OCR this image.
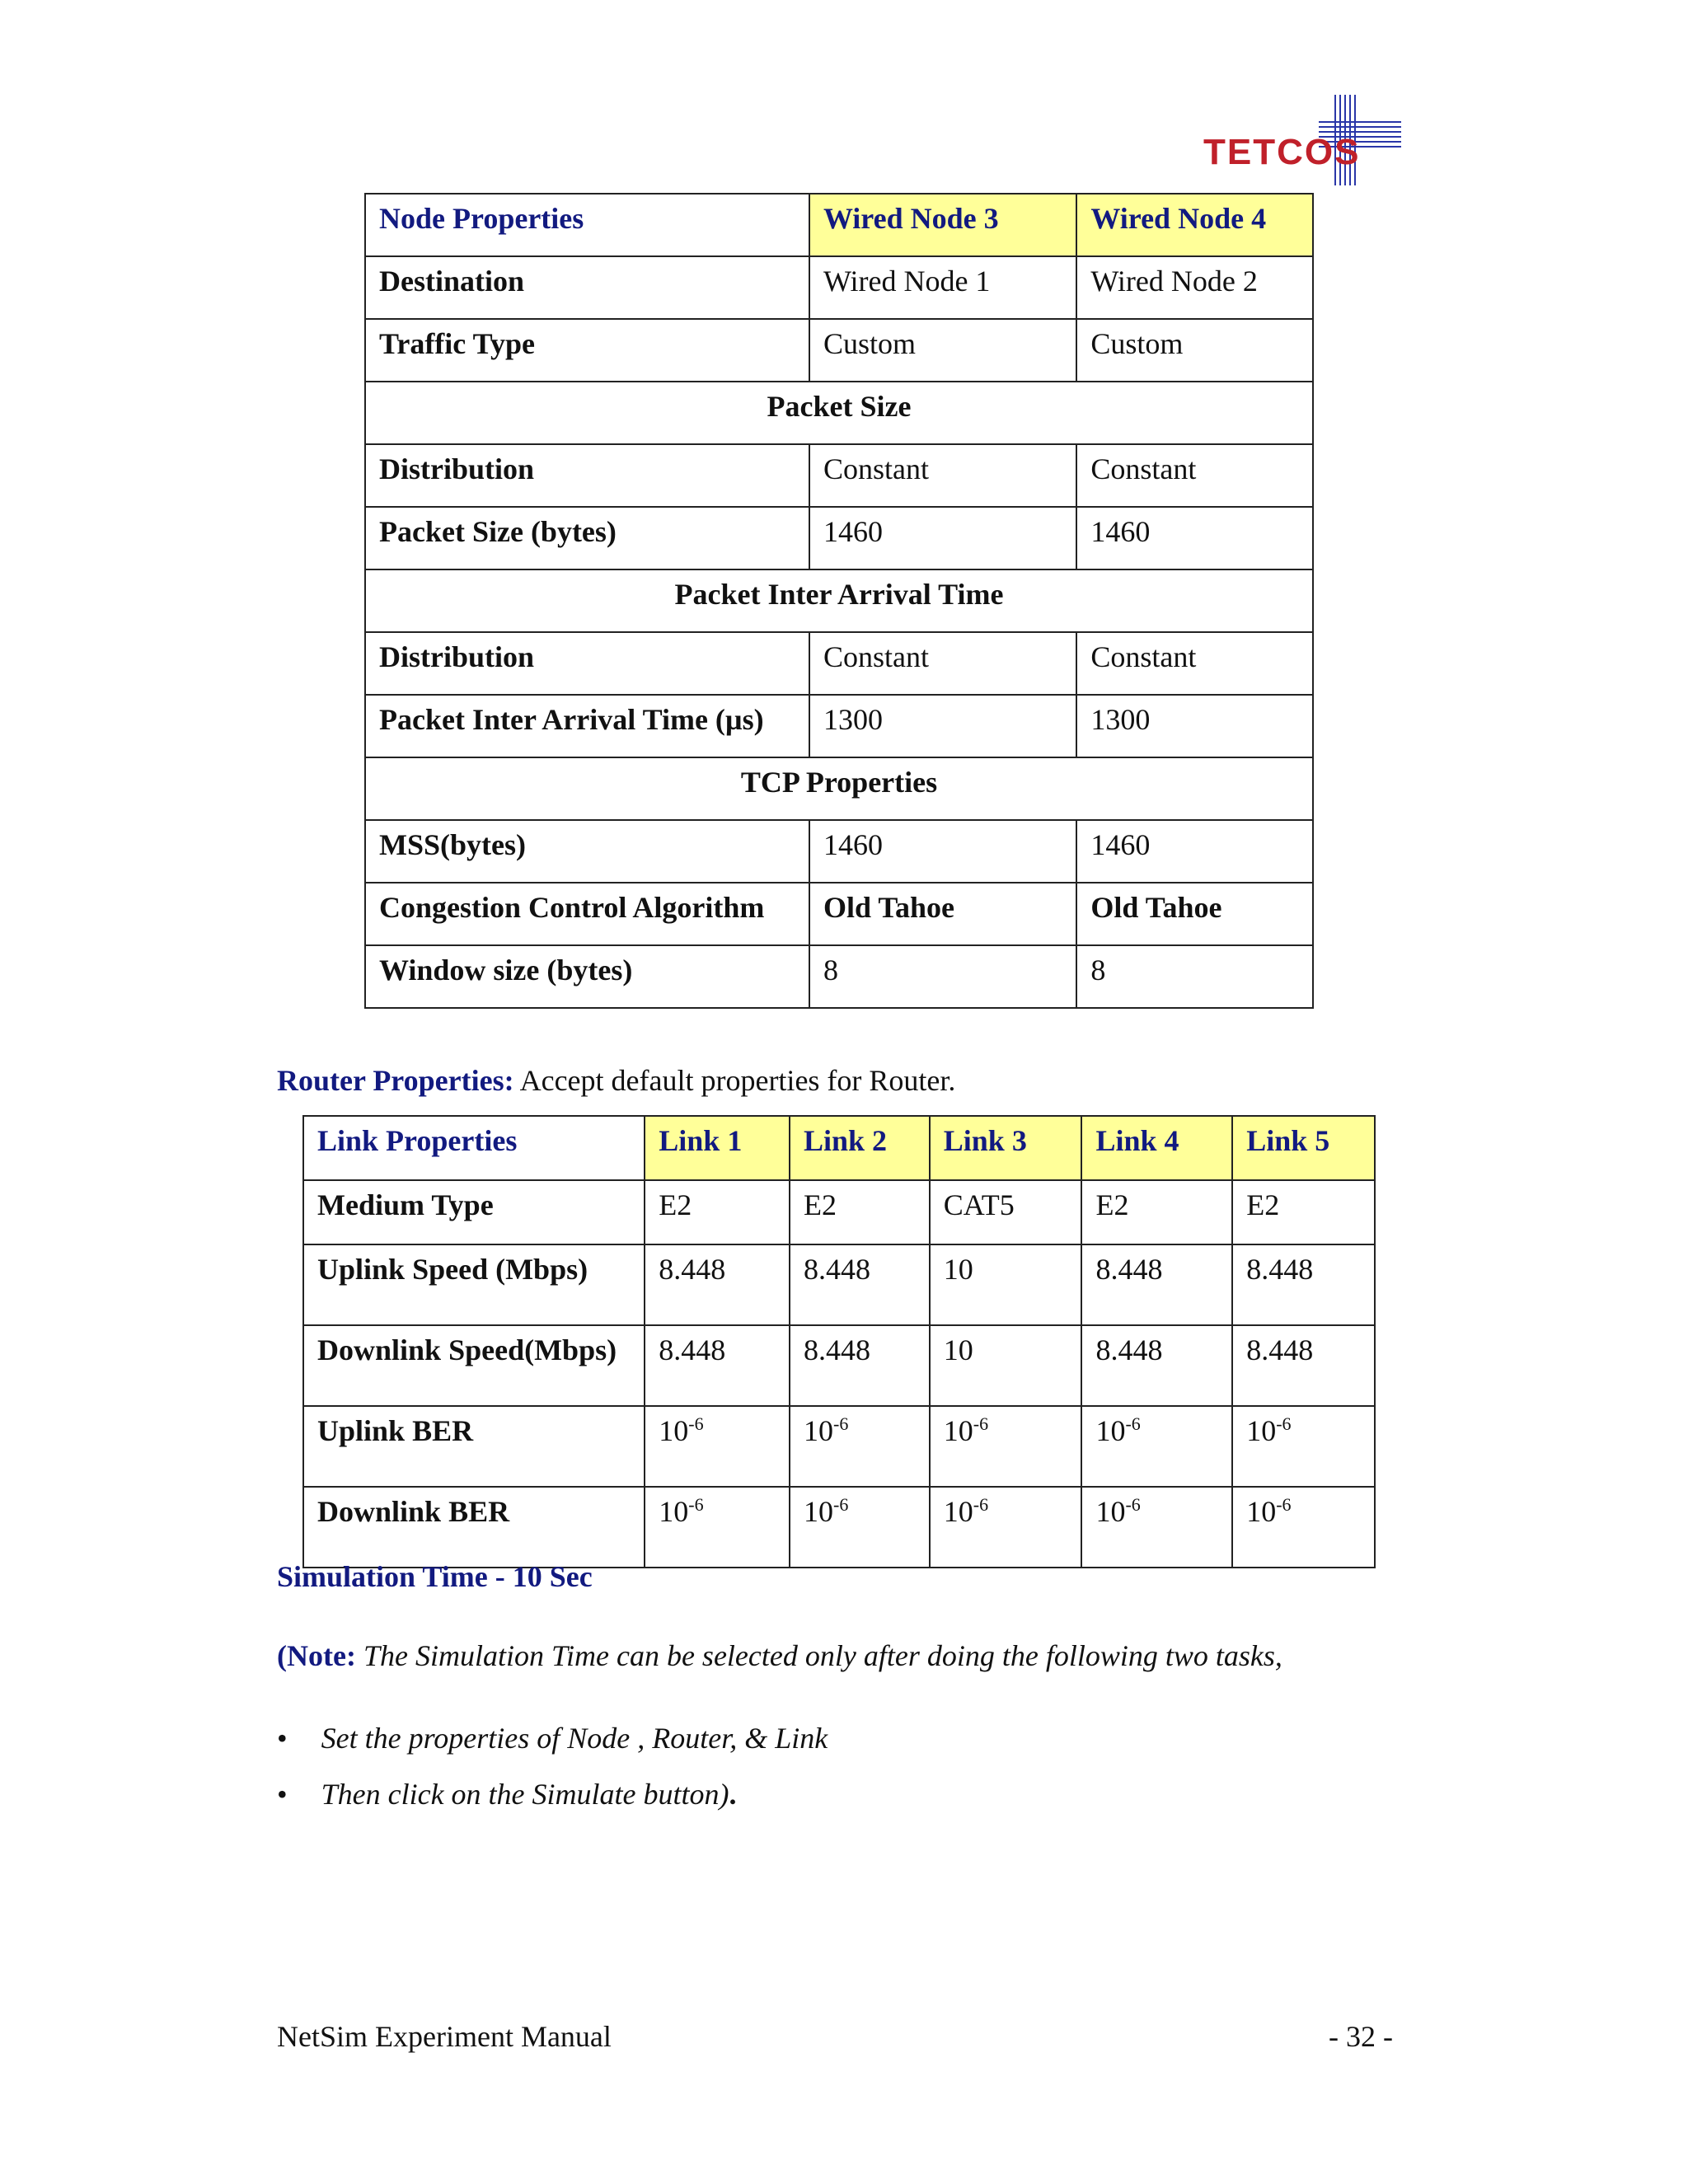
TETCOS
Node Properties	Wired Node 3	Wired Node 4
Destination	Wired Node 1	Wired Node 2
Traffic Type	Custom	Custom
Packet Size		
Distribution	Constant	Constant
Packet Size (bytes)	1460	1460
Packet Inter Arrival Time		
Distribution	Constant	Constant
Packet Inter Arrival Time (µs)	1300	1300
TCP Properties		
MSS(bytes)	1460	1460
Congestion Control Algorithm	Old Tahoe	Old Tahoe
Window size (bytes)	8	8
Router Properties: Accept default properties for Router.
Link Properties	Link 1	Link 2	Link 3	Link 4	Link 5
Medium Type	E2	E2	CAT5	E2	E2
Uplink Speed (Mbps)	8.448	8.448	10	8.448	8.448
Downlink Speed(Mbps)	8.448	8.448	10	8.448	8.448
Uplink BER	$10^{-6}$	$10^{-6}$	$10^{-6}$	$10^{-6}$	$10^{-6}$
Downlink BER	$10^{-6}$	$10^{-6}$	$10^{-6}$	$10^{-6}$	$10^{-6}$
Simulation Time - 10 Sec
(Note: The Simulation Time can be selected only after doing the following two tasks,
• Set the properties of Node , Router, & Link
• Then click on the Simulate button).
NetSim Experiment Manual	- 32 -
